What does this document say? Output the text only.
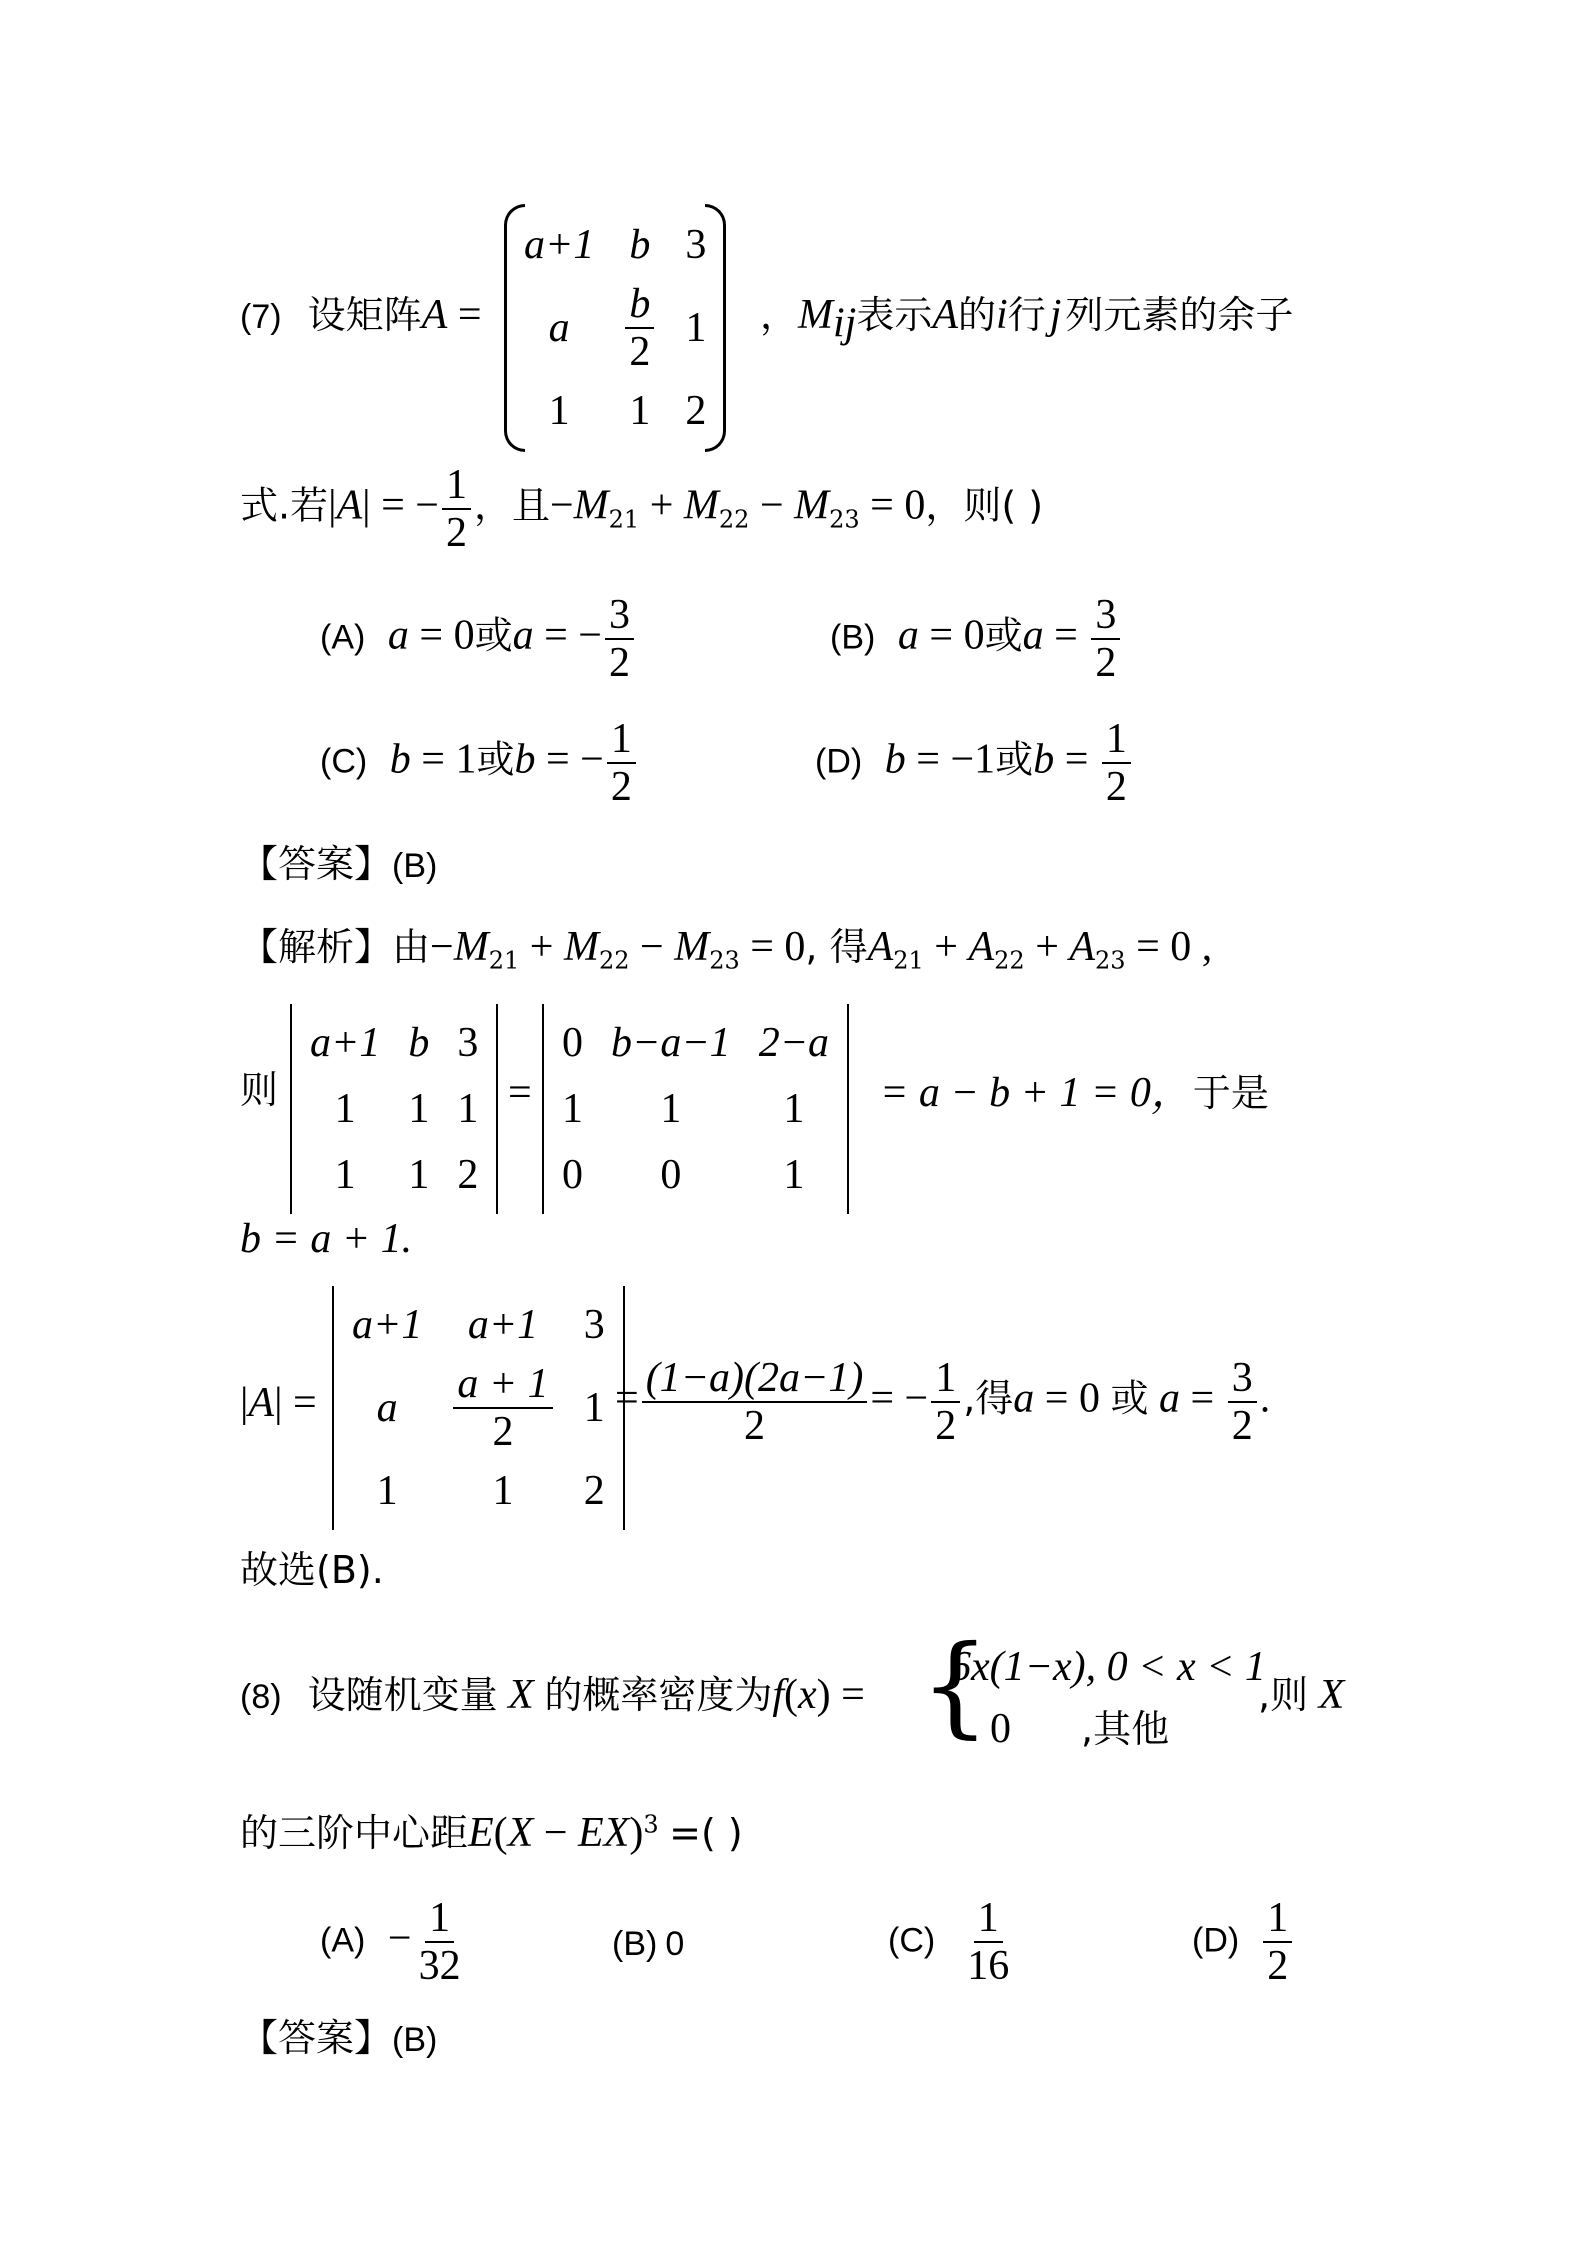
(7) 设矩阵A =
a+1	b	3
a	$\frac{b}{2}$	1
1	1	2
，$M_{ij}$表示A的i行j 列元素的余子
式.若|A| = − $\frac{1}{2}$ ，且$-M_{21} + M_{22} - M_{23} = 0$，则( )
(A)  a = 0或a = − $\frac{3}{2}$	(B)  a = 0或$a = \frac{3}{2}$
(C)  b = 1或b = − $\frac{1}{2}$	(D)  b = −1或$b = \frac{1}{2}$
【答案】(B)
【解析】由$-M_{21} + M_{22} - M_{23} = 0$, 得$A_{21} + A_{22} + A_{23} = 0$ ,
则
a+1	b	3
1	1	1
1	1	2
=
0	b−a−1	2−a
1	1	1
0	0	1
= a − b + 1 = 0，于是
b = a + 1.
|A| =
a+1	a+1	3
a	$\frac{a + 1}{2}$	1
1	1	2
= $\frac{(1-a)(2a-1)}{2}$ = − $\frac{1}{2}$ ,得a = 0 或 $a = \frac{3}{2}$ .
故选(B).
(8) 设随机变量 X 的概率密度为f(x) = {
6x(1−x), 0 < x < 1
0 ,其他
,则 X
的三阶中心距E(X − EX)$^3$ =( )
$(A) - \frac{1}{32}$	(B) 0	$(C) \frac{1}{16}$	$(D) \frac{1}{2}$
【答案】(B)
